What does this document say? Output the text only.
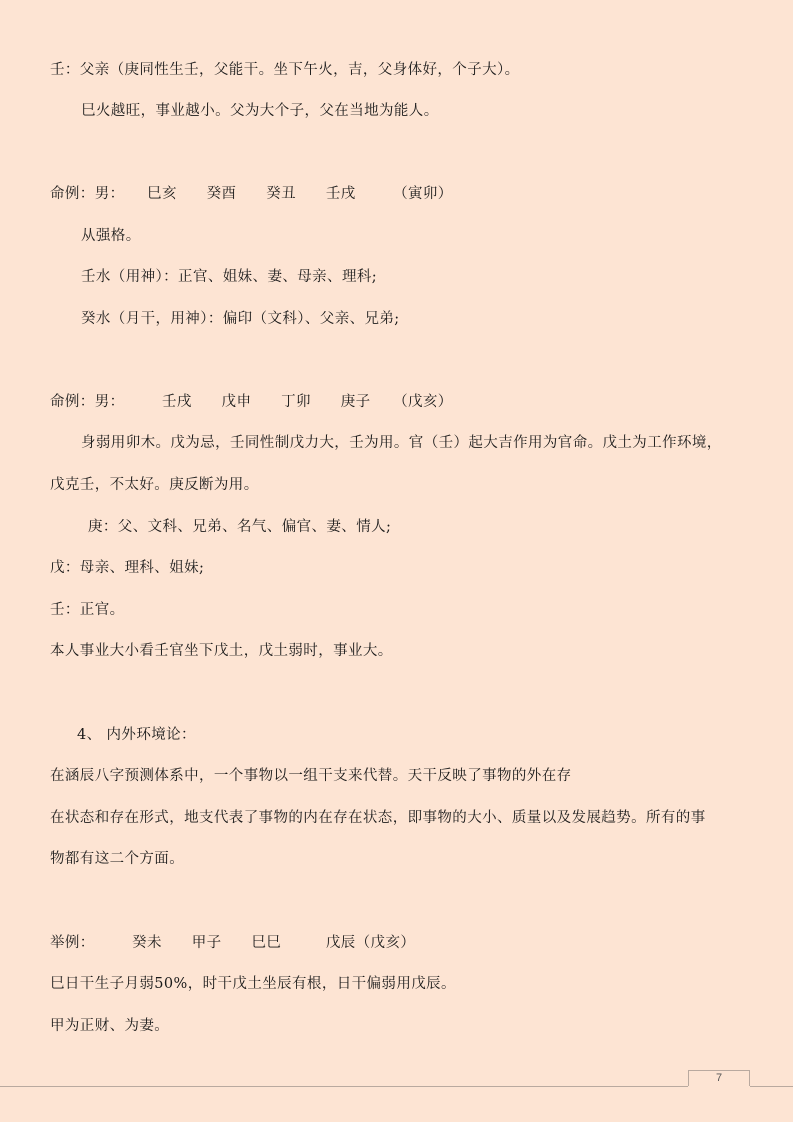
壬：父亲（庚同性生壬，父能干。坐下午火，吉，父身体好，个子大）。
巳火越旺，事业越小。父为大个子，父在当地为能人。
命例：男：　　巳亥　　癸酉　　癸丑　　壬戌　　　（寅卯）
从强格。
壬水（用神）：正官、姐妹、妻、母亲、理科;
癸水（月干，用神）：偏印（文科）、父亲、兄弟;
命例：男：　　　壬戌　　戊申　　丁卯　　庚子　　（戊亥）
身弱用卯木。戊为忌，壬同性制戊力大，壬为用。官（壬）起大吉作用为官命。戊土为工作环境，
戊克壬，不太好。庚反断为用。
庚：父、文科、兄弟、名气、偏官、妻、情人;
戊：母亲、理科、姐妹;
壬：正官。
本人事业大小看壬官坐下戊土，戊土弱时，事业大。
4、 内外环境论：
在涵辰八字预测体系中，一个事物以一组干支来代替。天干反映了事物的外在存
在状态和存在形式，地支代表了事物的内在存在状态，即事物的大小、质量以及发展趋势。所有的事
物都有这二个方面。
举例：　　　癸未　　甲子　　巳巳　　　戊辰（戊亥）
巳日干生子月弱50%，时干戊土坐辰有根，日干偏弱用戊辰。
甲为正财、为妻。
7
